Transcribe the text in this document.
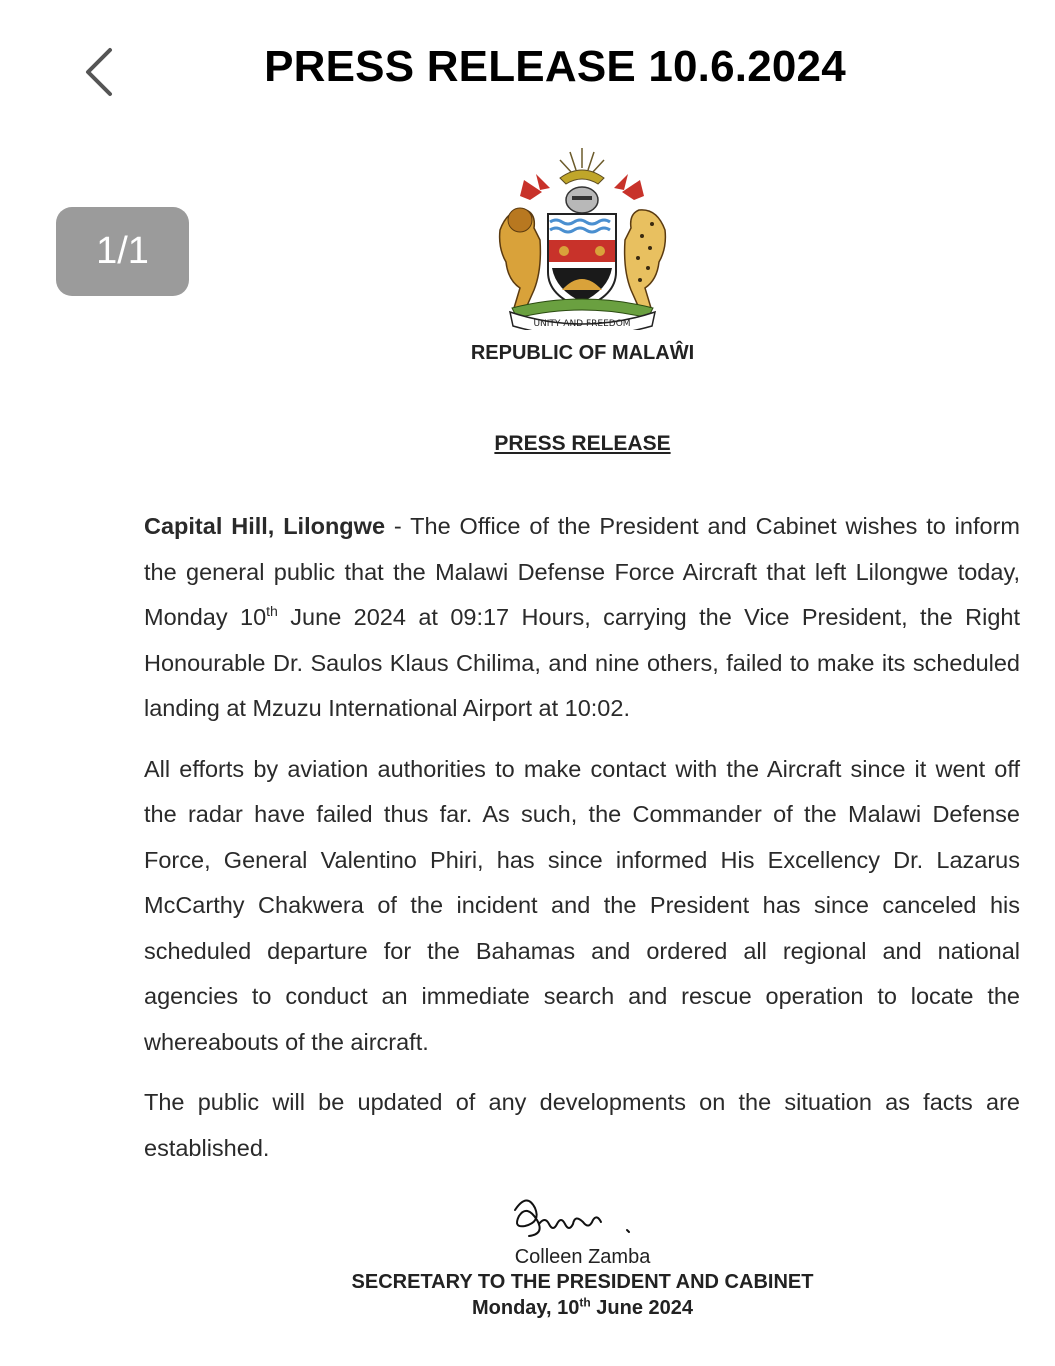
PRESS RELEASE 10.6.2024
UNITY AND FREEDOM
REPUBLIC OF MALAŴI
PRESS RELEASE

Capital Hill, Lilongwe - The Office of the President and Cabinet wishes to inform the general public that the Malawi Defense Force Aircraft that left Lilongwe today, Monday 10th June 2024 at 09:17 Hours, carrying the Vice President, the Right Honourable Dr. Saulos Klaus Chilima, and nine others, failed to make its scheduled landing at Mzuzu International Airport at 10:02.

All efforts by aviation authorities to make contact with the Aircraft since it went off the radar have failed thus far. As such, the Commander of the Malawi Defense Force, General Valentino Phiri, has since informed His Excellency Dr. Lazarus McCarthy Chakwera of the incident and the President has since canceled his scheduled departure for the Bahamas and ordered all regional and national agencies to conduct an immediate search and rescue operation to locate the whereabouts of the aircraft.

The public will be updated of any developments on the situation as facts are established.

Colleen Zamba
SECRETARY TO THE PRESIDENT AND CABINET
Monday, 10th June 2024
1/1
